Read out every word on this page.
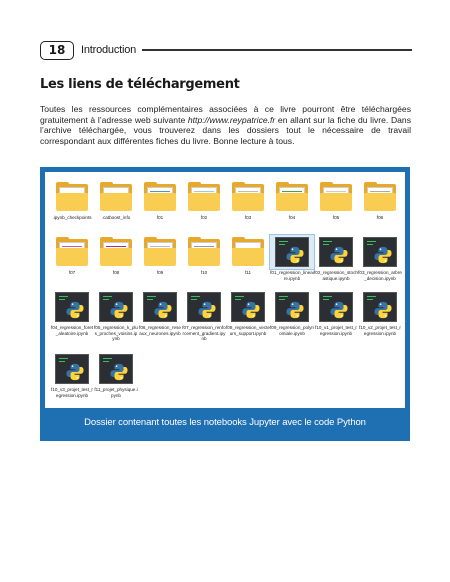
18	Introduction
Les liens de téléchargement

Toutes les ressources complémentaires associées à ce livre pourront être téléchargées gratuitement à l’adresse web suivante http://www.reypatrice.fr en allant sur la fiche du livre. Dans l’archive téléchargée, vous trouverez dans les dossiers tout le nécessaire de travail correspondant aux différentes fiches du livre. Bonne lecture à tous.

.ipynb_checkpoints	.catboost_info	f01	f02	f03	f04	f05	f06
f07	f08	f09	f10	f11	f01_regression_lineaire.ipynb
f02_regression_stochastique.ipynb
f03_regression_arbre_decision.ipynb
f04_regression_foret_aleatoire.ipynb
f05_regression_k_plus_proches_voisins.ipynb
f06_regression_reseaux_neurones.ipynb
f07_regression_renforcement_gradient.ipynb
f08_regression_vecteurs_support.ipynb
f09_regression_polynomiale.ipynb
f10_v1_projet_test_regression.ipynb
f10_v2_projet_test_regression.ipynb
f10_v3_projet_test_regression.ipynb
f11_projet_physique.ipynb
Dossier contenant toutes les notebooks Jupyter avec le code Python
